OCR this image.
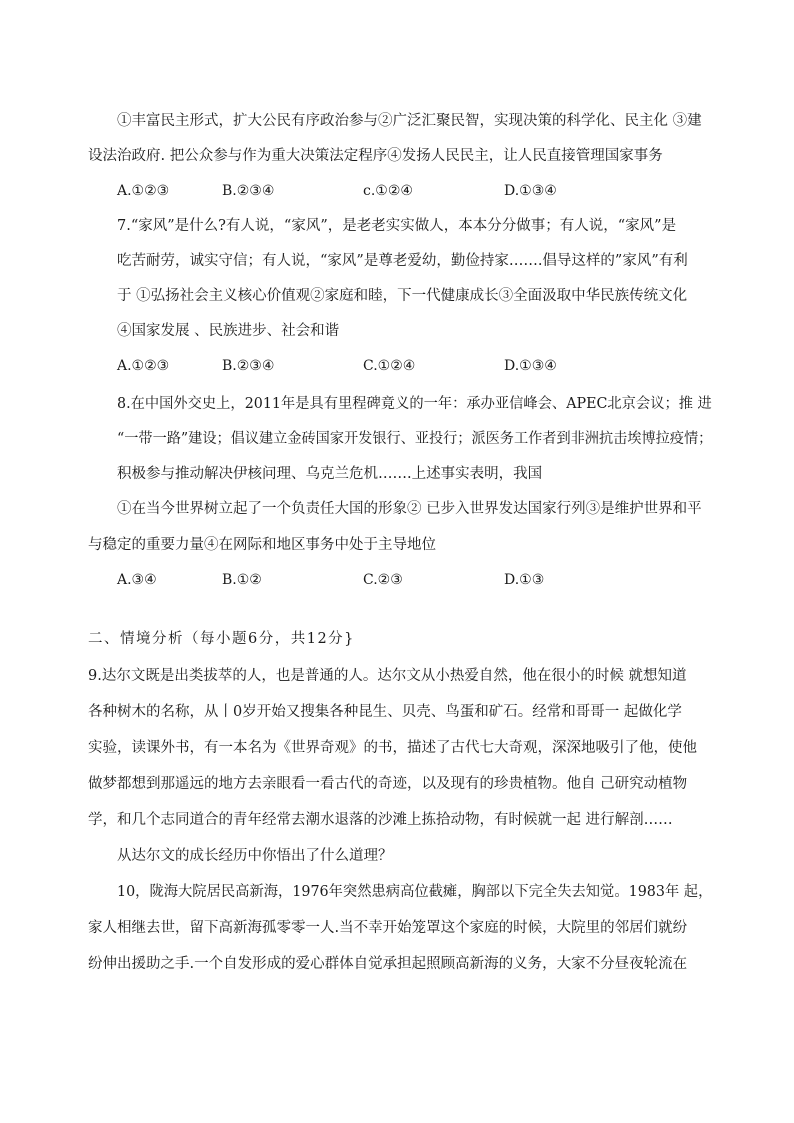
①丰富民主形式，扩大公民有序政治参与②广泛汇聚民智，实现决策的科学化、民主化 ③建
设法治政府. 把公众参与作为重大决策法定程序④发扬人民民主，让人民直接管理国家事务
A.①②③	B.②③④	c.①②④	D.①③④
7.“家风”是什么?有人说，“家风”，是老老实实做人，本本分分做事；有人说，“家风”是
吃苦耐劳，诚实守信；有人说，“家风”是尊老爱幼，勤俭持家…….倡导这样的”家风”有利
于 ①弘扬社会主义核心价值观②家庭和睦，下一代健康成长③全面汲取中华民族传统文化
④国家发展 、民族进步、社会和谐
A.①②③	B.②③④	C.①②④	D.①③④
8.在中国外交史上，2011年是具有里程碑竟义的一年：承办亚信峰会、APEC北京会议；推 进
“一带一路”建设；倡议建立金砖国家开发银行、亚投行；派医务工作者到非洲抗击埃博拉疫情；
积极参与推动解决伊核问理、乌克兰危机…….上述事实表明，我国
①在当今世界树立起了一个负责任大国的形象② 已步入世界发达国家行列③是维护世界和平
与稳定的重要力量④在网际和地区事务中处于主导地位
A.③④	B.①②	C.②③	D.①③
二、情境分析（每小题6分，共12分}
9.达尔文既是出类拔萃的人，也是普通的人。达尔文从小热爱自然，他在很小的时候 就想知道
各种树木的名称，从丨0岁开始又搜集各种昆生、贝壳、鸟蛋和矿石。经常和哥哥一 起做化学
实验，读课外书，有一本名为《世界奇观》的书，描述了古代七大奇观，深深地吸引了他，使他
做梦都想到那遥远的地方去亲眼看一看古代的奇迹，以及现有的珍贵植物。他自 己研究动植物
学，和几个志同道合的青年经常去潮水退落的沙滩上拣拾动物，有时候就一起 进行解剖……
从达尔文的成长经历中你悟出了什么道理？
10，陇海大院居民高新海，1976年突然患病高位截瘫，胸部以下完全失去知觉。1983年 起，
家人相继去世，留下高新海孤零零一人.当不幸开始笼罩这个家庭的时候，大院里的邻居们就纷
纷伸出援助之手.一个自发形成的爱心群体自觉承担起照顾高新海的义务，大家不分昼夜轮流在
